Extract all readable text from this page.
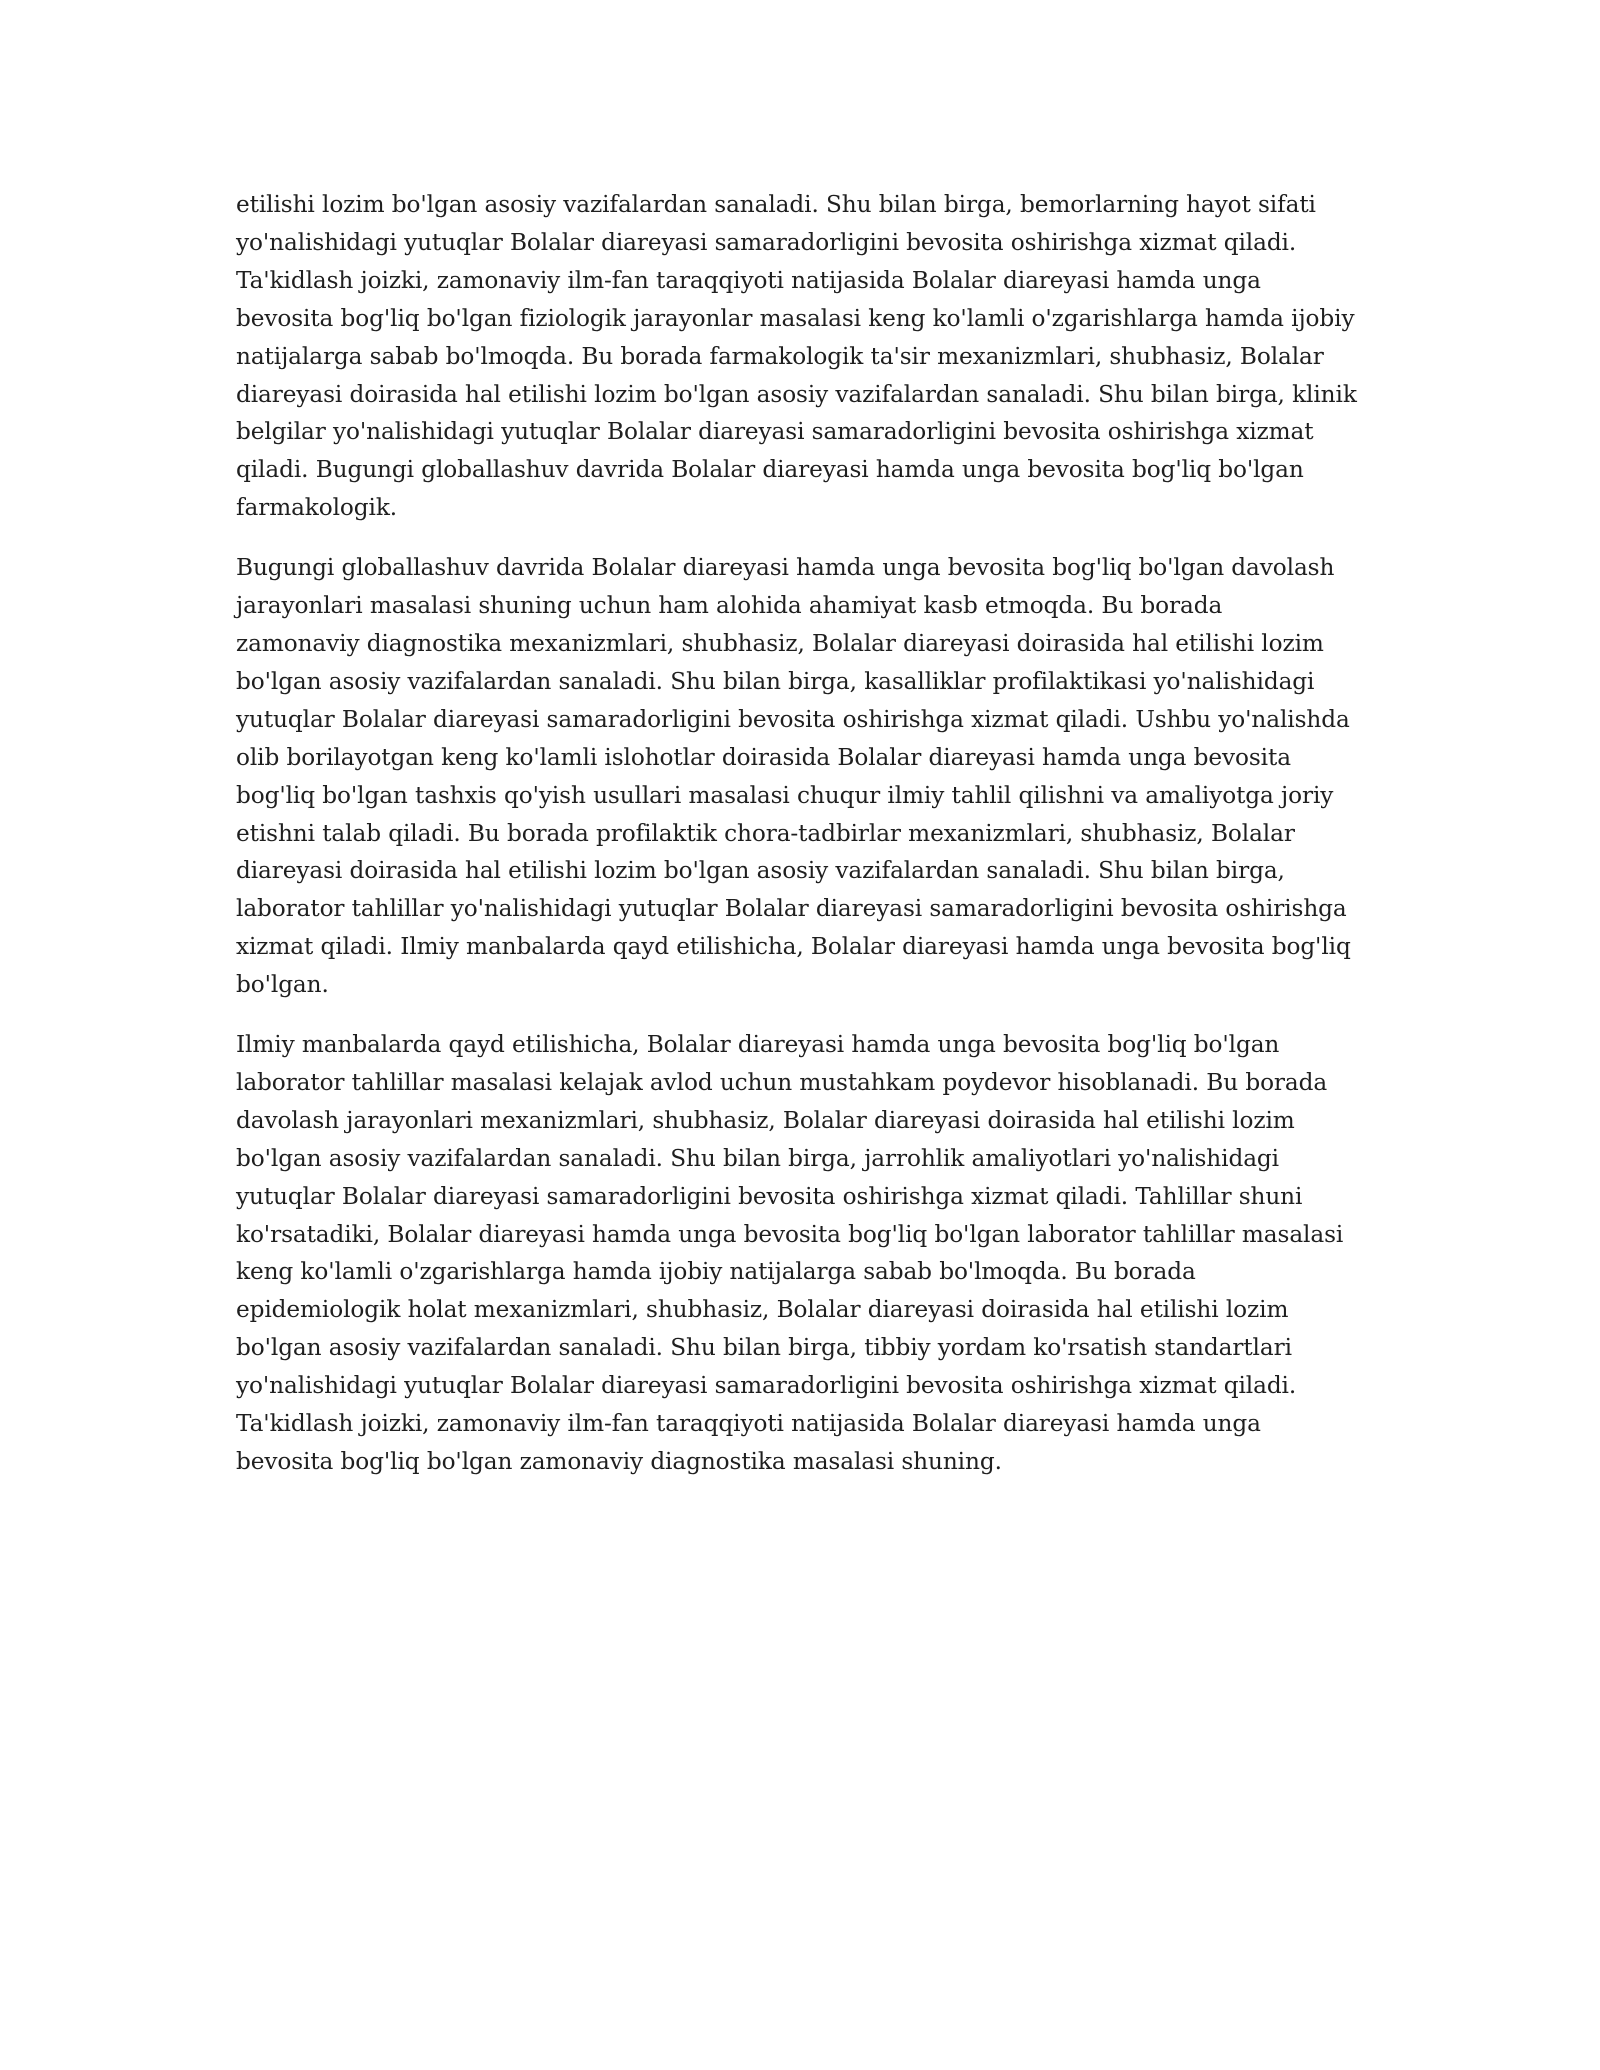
etilishi lozim bo'lgan asosiy vazifalardan sanaladi. Shu bilan birga, bemorlarning hayot sifati
yo'nalishidagi yutuqlar Bolalar diareyasi samaradorligini bevosita oshirishga xizmat qiladi.
Ta'kidlash joizki, zamonaviy ilm-fan taraqqiyoti natijasida Bolalar diareyasi hamda unga
bevosita bog'liq bo'lgan fiziologik jarayonlar masalasi keng ko'lamli o'zgarishlarga hamda ijobiy
natijalarga sabab bo'lmoqda. Bu borada farmakologik ta'sir mexanizmlari, shubhasiz, Bolalar
diareyasi doirasida hal etilishi lozim bo'lgan asosiy vazifalardan sanaladi. Shu bilan birga, klinik
belgilar yo'nalishidagi yutuqlar Bolalar diareyasi samaradorligini bevosita oshirishga xizmat
qiladi. Bugungi globallashuv davrida Bolalar diareyasi hamda unga bevosita bog'liq bo'lgan
farmakologik.

Bugungi globallashuv davrida Bolalar diareyasi hamda unga bevosita bog'liq bo'lgan davolash
jarayonlari masalasi shuning uchun ham alohida ahamiyat kasb etmoqda. Bu borada
zamonaviy diagnostika mexanizmlari, shubhasiz, Bolalar diareyasi doirasida hal etilishi lozim
bo'lgan asosiy vazifalardan sanaladi. Shu bilan birga, kasalliklar profilaktikasi yo'nalishidagi
yutuqlar Bolalar diareyasi samaradorligini bevosita oshirishga xizmat qiladi. Ushbu yo'nalishda
olib borilayotgan keng ko'lamli islohotlar doirasida Bolalar diareyasi hamda unga bevosita
bog'liq bo'lgan tashxis qo'yish usullari masalasi chuqur ilmiy tahlil qilishni va amaliyotga joriy
etishni talab qiladi. Bu borada profilaktik chora-tadbirlar mexanizmlari, shubhasiz, Bolalar
diareyasi doirasida hal etilishi lozim bo'lgan asosiy vazifalardan sanaladi. Shu bilan birga,
laborator tahlillar yo'nalishidagi yutuqlar Bolalar diareyasi samaradorligini bevosita oshirishga
xizmat qiladi. Ilmiy manbalarda qayd etilishicha, Bolalar diareyasi hamda unga bevosita bog'liq
bo'lgan.

Ilmiy manbalarda qayd etilishicha, Bolalar diareyasi hamda unga bevosita bog'liq bo'lgan
laborator tahlillar masalasi kelajak avlod uchun mustahkam poydevor hisoblanadi. Bu borada
davolash jarayonlari mexanizmlari, shubhasiz, Bolalar diareyasi doirasida hal etilishi lozim
bo'lgan asosiy vazifalardan sanaladi. Shu bilan birga, jarrohlik amaliyotlari yo'nalishidagi
yutuqlar Bolalar diareyasi samaradorligini bevosita oshirishga xizmat qiladi. Tahlillar shuni
ko'rsatadiki, Bolalar diareyasi hamda unga bevosita bog'liq bo'lgan laborator tahlillar masalasi
keng ko'lamli o'zgarishlarga hamda ijobiy natijalarga sabab bo'lmoqda. Bu borada
epidemiologik holat mexanizmlari, shubhasiz, Bolalar diareyasi doirasida hal etilishi lozim
bo'lgan asosiy vazifalardan sanaladi. Shu bilan birga, tibbiy yordam ko'rsatish standartlari
yo'nalishidagi yutuqlar Bolalar diareyasi samaradorligini bevosita oshirishga xizmat qiladi.
Ta'kidlash joizki, zamonaviy ilm-fan taraqqiyoti natijasida Bolalar diareyasi hamda unga
bevosita bog'liq bo'lgan zamonaviy diagnostika masalasi shuning.
